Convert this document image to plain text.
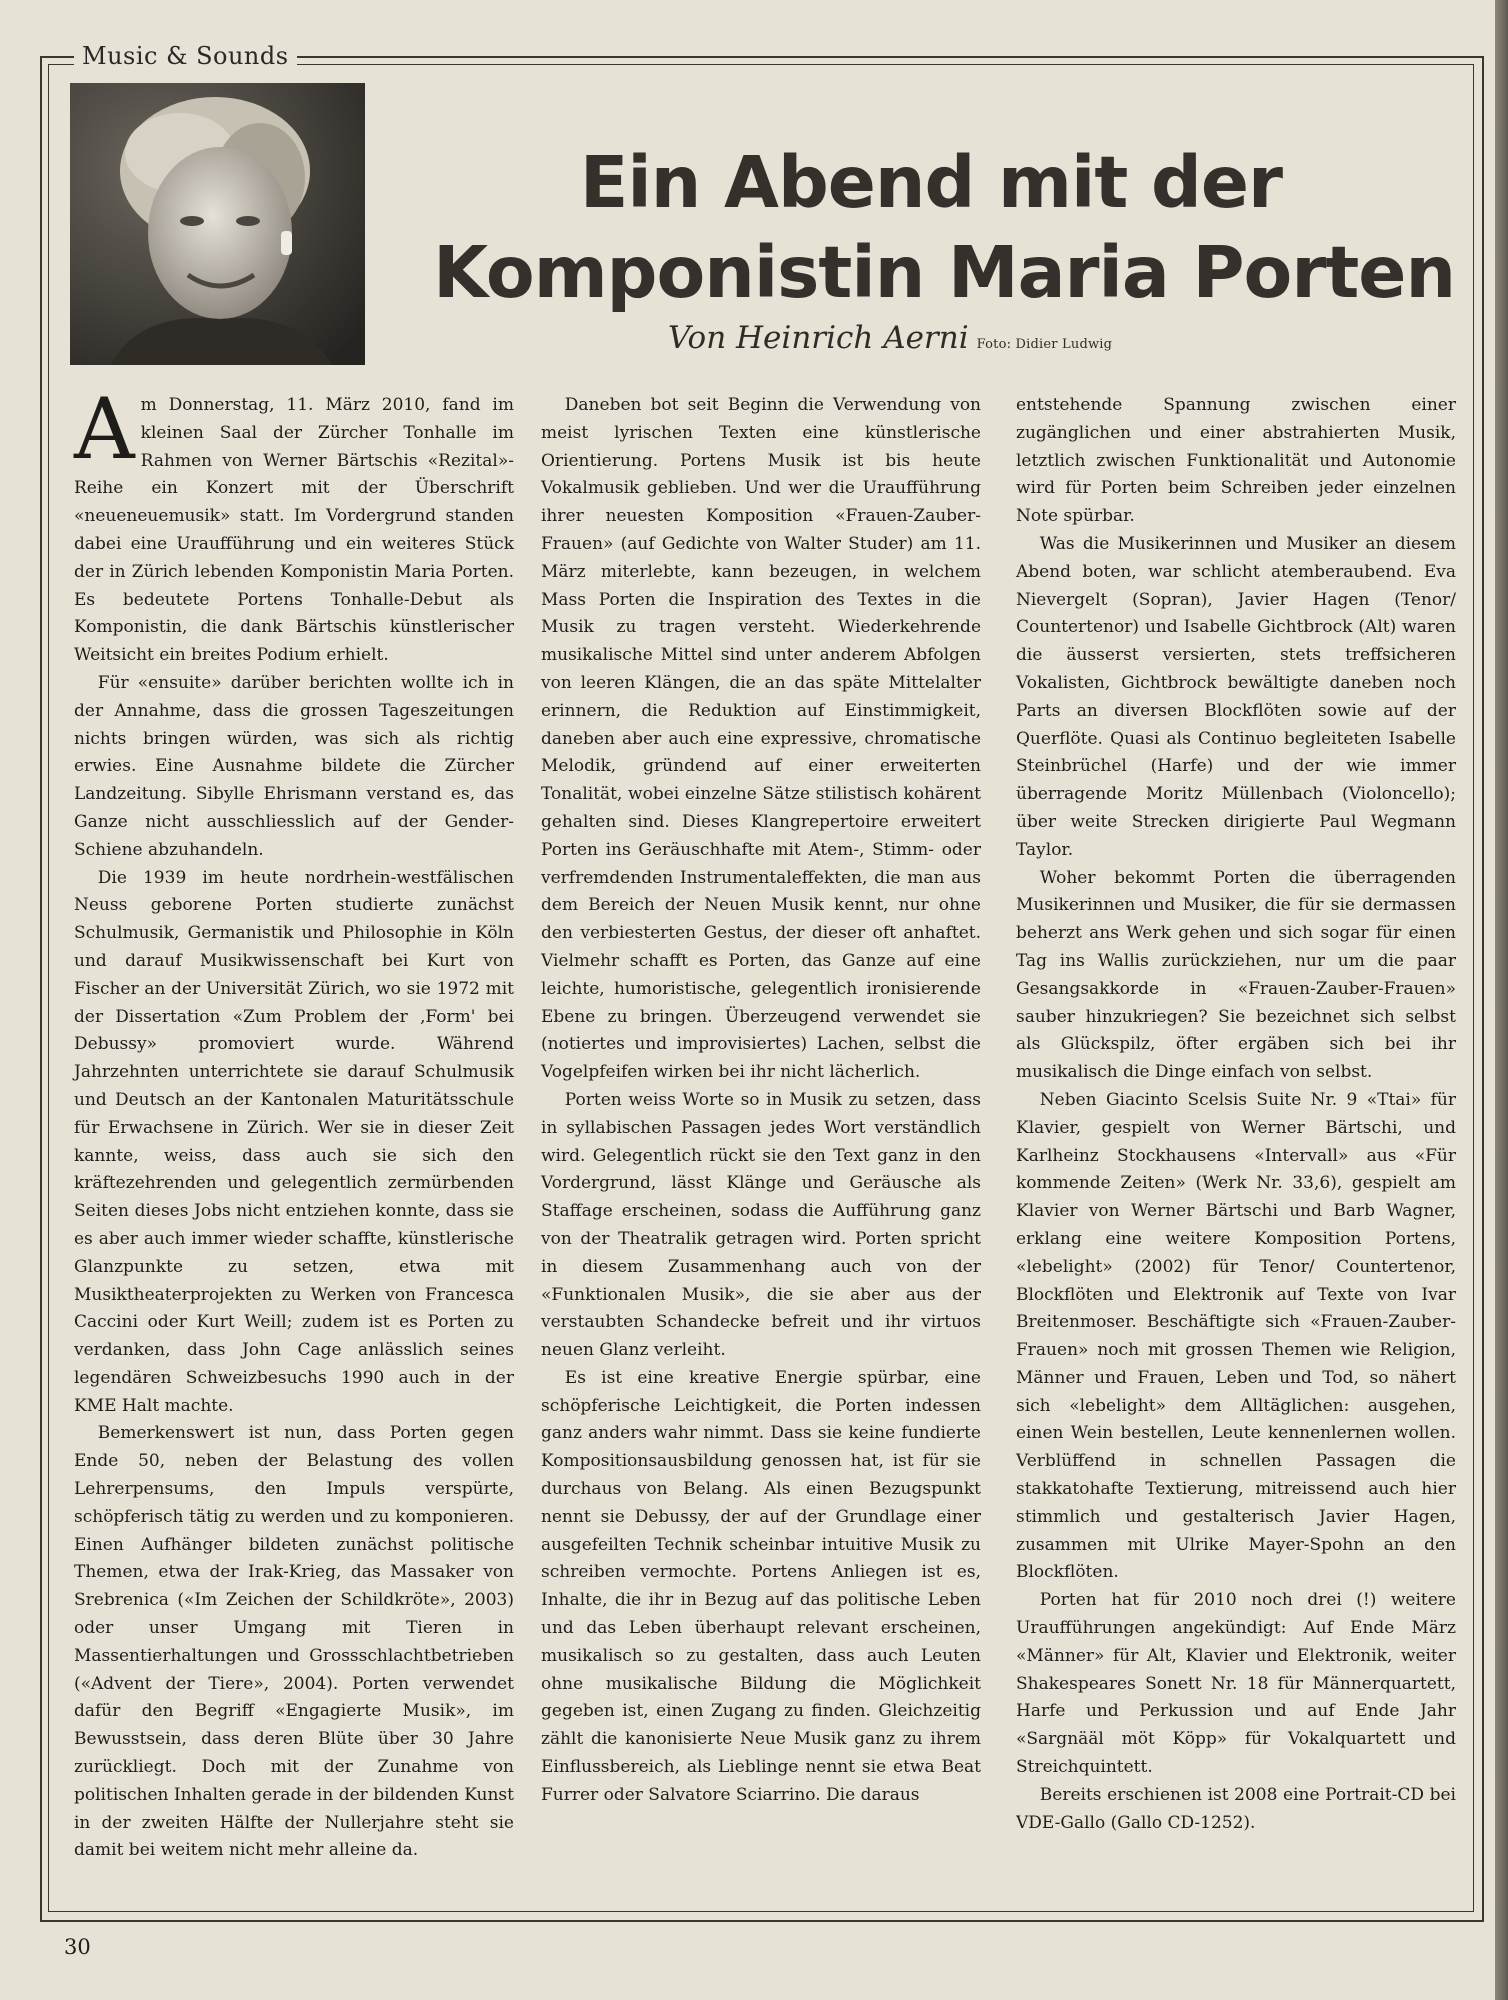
Music & Sounds
Ein Abend mit der
Komponistin Maria Porten
Von Heinrich Aerni Foto: Didier Ludwig

Am Donnerstag, 11. März 2010, fand im kleinen Saal der Zürcher Tonhalle im Rahmen von Werner Bärtschis «Rezital»-Reihe ein Konzert mit der Überschrift «neueneuemusik» statt. Im Vordergrund standen dabei eine Uraufführung und ein weiteres Stück der in Zürich lebenden Komponistin Maria Porten. Es bedeutete Portens Tonhalle-Debut als Komponistin, die dank Bärtschis künstlerischer Weitsicht ein breites Podium erhielt.

Für «ensuite» darüber berichten wollte ich in der Annahme, dass die grossen Tageszeitungen nichts bringen würden, was sich als richtig erwies. Eine Ausnahme bildete die Zürcher Landzeitung. Sibylle Ehrismann verstand es, das Ganze nicht ausschliesslich auf der Gender-Schiene abzuhandeln.

Die 1939 im heute nordrhein-westfälischen Neuss geborene Porten studierte zunächst Schulmusik, Germanistik und Philosophie in Köln und darauf Musikwissenschaft bei Kurt von Fischer an der Universität Zürich, wo sie 1972 mit der Dissertation «Zum Problem der ‚Form' bei Debussy» promoviert wurde. Während Jahrzehnten unterrichtete sie darauf Schulmusik und Deutsch an der Kantonalen Maturitätsschule für Erwachsene in Zürich. Wer sie in dieser Zeit kannte, weiss, dass auch sie sich den kräftezehrenden und gelegentlich zermürbenden Seiten dieses Jobs nicht entziehen konnte, dass sie es aber auch immer wieder schaffte, künstlerische Glanzpunkte zu setzen, etwa mit Musiktheaterprojekten zu Werken von Francesca Caccini oder Kurt Weill; zudem ist es Porten zu verdanken, dass John Cage anlässlich seines legendären Schweizbesuchs 1990 auch in der KME Halt machte.

Bemerkenswert ist nun, dass Porten gegen Ende 50, neben der Belastung des vollen Lehrerpensums, den Impuls verspürte, schöpferisch tätig zu werden und zu komponieren. Einen Aufhänger bildeten zunächst politische Themen, etwa der Irak-Krieg, das Massaker von Srebrenica («Im Zeichen der Schildkröte», 2003) oder unser Umgang mit Tieren in Massentierhaltungen und Grossschlachtbetrieben («Advent der Tiere», 2004). Porten verwendet dafür den Begriff «Engagierte Musik», im Bewusstsein, dass deren Blüte über 30 Jahre zurückliegt. Doch mit der Zunahme von politischen Inhalten gerade in der bildenden Kunst in der zweiten Hälfte der Nullerjahre steht sie damit bei weitem nicht mehr alleine da.

Daneben bot seit Beginn die Verwendung von meist lyrischen Texten eine künstlerische Orientierung. Portens Musik ist bis heute Vokalmusik geblieben. Und wer die Uraufführung ihrer neuesten Komposition «Frauen-Zauber-Frauen» (auf Gedichte von Walter Studer) am 11. März miterlebte, kann bezeugen, in welchem Mass Porten die Inspiration des Textes in die Musik zu tragen versteht. Wiederkehrende musikalische Mittel sind unter anderem Abfolgen von leeren Klängen, die an das späte Mittelalter erinnern, die Reduktion auf Einstimmigkeit, daneben aber auch eine expressive, chromatische Melodik, gründend auf einer erweiterten Tonalität, wobei einzelne Sätze stilistisch kohärent gehalten sind. Dieses Klangrepertoire erweitert Porten ins Geräuschhafte mit Atem-, Stimm- oder verfremdenden Instrumentaleffekten, die man aus dem Bereich der Neuen Musik kennt, nur ohne den verbiesterten Gestus, der dieser oft anhaftet. Vielmehr schafft es Porten, das Ganze auf eine leichte, humoristische, gelegentlich ironisierende Ebene zu bringen. Überzeugend verwendet sie (notiertes und improvisiertes) Lachen, selbst die Vogelpfeifen wirken bei ihr nicht lächerlich.

Porten weiss Worte so in Musik zu setzen, dass in syllabischen Passagen jedes Wort verständlich wird. Gelegentlich rückt sie den Text ganz in den Vordergrund, lässt Klänge und Geräusche als Staffage erscheinen, sodass die Aufführung ganz von der Theatralik getragen wird. Porten spricht in diesem Zusammenhang auch von der «Funktionalen Musik», die sie aber aus der verstaubten Schandecke befreit und ihr virtuos neuen Glanz verleiht.

Es ist eine kreative Energie spürbar, eine schöpferische Leichtigkeit, die Porten indessen ganz anders wahr nimmt. Dass sie keine fundierte Kompositionsausbildung genossen hat, ist für sie durchaus von Belang. Als einen Bezugspunkt nennt sie Debussy, der auf der Grundlage einer ausgefeilten Technik scheinbar intuitive Musik zu schreiben vermochte. Portens Anliegen ist es, Inhalte, die ihr in Bezug auf das politische Leben und das Leben überhaupt relevant erscheinen, musikalisch so zu gestalten, dass auch Leuten ohne musikalische Bildung die Möglichkeit gegeben ist, einen Zugang zu finden. Gleichzeitig zählt die kanonisierte Neue Musik ganz zu ihrem Einflussbereich, als Lieblinge nennt sie etwa Beat Furrer oder Salvatore Sciarrino. Die daraus

entstehende Spannung zwischen einer zugänglichen und einer abstrahierten Musik, letztlich zwischen Funktionalität und Autonomie wird für Porten beim Schreiben jeder einzelnen Note spürbar.

Was die Musikerinnen und Musiker an diesem Abend boten, war schlicht atemberaubend. Eva Nievergelt (Sopran), Javier Hagen (Tenor/ Countertenor) und Isabelle Gichtbrock (Alt) waren die äusserst versierten, stets treffsicheren Vokalisten, Gichtbrock bewältigte daneben noch Parts an diversen Blockflöten sowie auf der Querflöte. Quasi als Continuo begleiteten Isabelle Steinbrüchel (Harfe) und der wie immer überragende Moritz Müllenbach (Violoncello); über weite Strecken dirigierte Paul Wegmann Taylor.

Woher bekommt Porten die überragenden Musikerinnen und Musiker, die für sie dermassen beherzt ans Werk gehen und sich sogar für einen Tag ins Wallis zurückziehen, nur um die paar Gesangsakkorde in «Frauen-Zauber-Frauen» sauber hinzukriegen? Sie bezeichnet sich selbst als Glückspilz, öfter ergäben sich bei ihr musikalisch die Dinge einfach von selbst.

Neben Giacinto Scelsis Suite Nr. 9 «Ttai» für Klavier, gespielt von Werner Bärtschi, und Karlheinz Stockhausens «Intervall» aus «Für kommende Zeiten» (Werk Nr. 33,6), gespielt am Klavier von Werner Bärtschi und Barb Wagner, erklang eine weitere Komposition Portens, «lebelight» (2002) für Tenor/ Countertenor, Blockflöten und Elektronik auf Texte von Ivar Breitenmoser. Beschäftigte sich «Frauen-Zauber-Frauen» noch mit grossen Themen wie Religion, Männer und Frauen, Leben und Tod, so nähert sich «lebelight» dem Alltäglichen: ausgehen, einen Wein bestellen, Leute kennenlernen wollen. Verblüffend in schnellen Passagen die stakkatohafte Textierung, mitreissend auch hier stimmlich und gestalterisch Javier Hagen, zusammen mit Ulrike Mayer-Spohn an den Blockflöten.

Porten hat für 2010 noch drei (!) weitere Uraufführungen angekündigt: Auf Ende März «Männer» für Alt, Klavier und Elektronik, weiter Shakespeares Sonett Nr. 18 für Männerquartett, Harfe und Perkussion und auf Ende Jahr «Sargnääl möt Köpp» für Vokalquartett und Streichquintett.

Bereits erschienen ist 2008 eine Portrait-CD bei VDE-Gallo (Gallo CD-1252).

30
